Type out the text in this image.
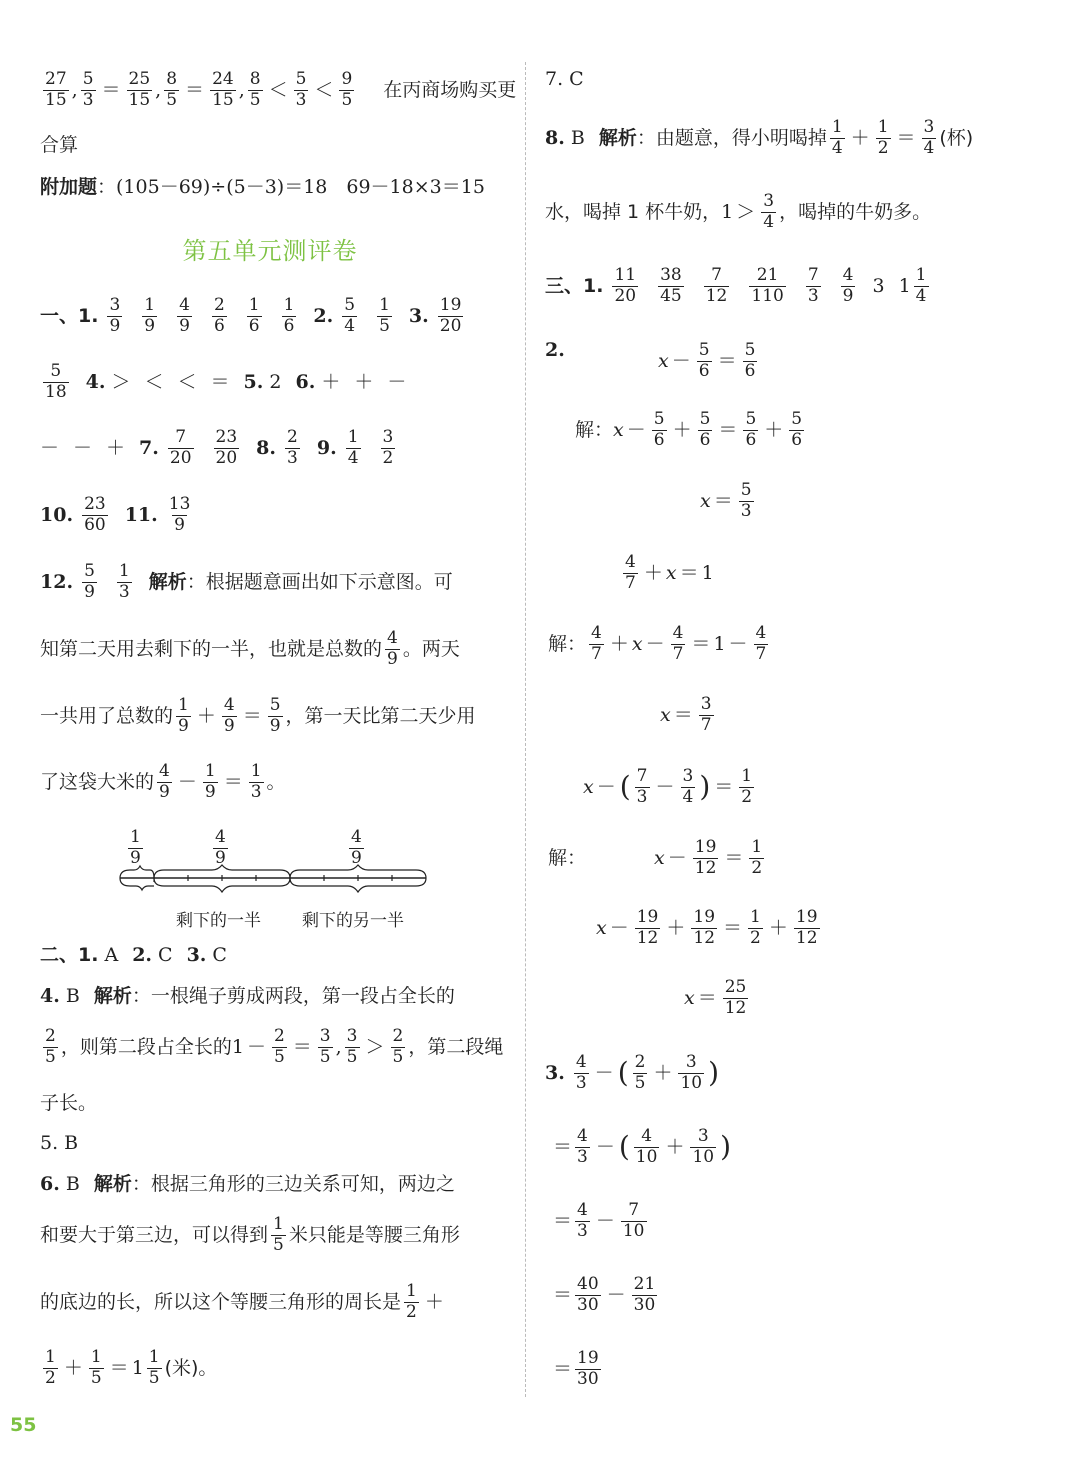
$\frac{27}{15}$ , $\frac{5}{3} = \frac{25}{15}$ , $\frac{8}{5} = \frac{24}{15}$ , $\frac{8}{5} < \frac{5}{3} < \frac{9}{5}$ 在丙商场购买更
合算
附加题 ：(105－69)÷(5－3)＝18　69－18×3＝15
第五单元测评卷
一、1. $\frac{3}{9} \frac{1}{9} \frac{4}{9} \frac{2}{6} \frac{1}{6} \frac{1}{6} 2$. $\frac{5}{4} \frac{1}{5} 3$. $\frac{19}{20}$
$\frac{5}{18} 4$. ＞ ＜ ＜ ＝ 5. 2 6. ＋ ＋ －
－ － ＋ 7. $\frac{7}{20} \frac{23}{20} 8$. $\frac{2}{3} 9$. $\frac{1}{4} \frac{3}{2}$
10. $\frac{23}{60} 11$. $\frac{13}{9}$
12. $\frac{5}{9} \frac{1}{3}$ 解析 ：根据题意画出如下示意图。可
知第二天用去剩下的一半，也就是总数的 $\frac{4}{9}$ 。两天
一共用了总数的 $\frac{1}{9} + \frac{4}{9} = \frac{5}{9}$ ，第一天比第二天少用
了这袋大米的 $\frac{4}{9} - \frac{1}{9} = \frac{1}{3}$ 。
$\frac{1}{9}$	$\frac{4}{9}$	$\frac{4}{9}$
剩下的一半 剩下的另一半
二、1. A 2. C 3. C
4. B 解析 ：一根绳子剪成两段，第一段占全长的
$\frac{2}{5}$ ，则第二段占全长的 $1 - \frac{2}{5} = \frac{3}{5}$ , $\frac{3}{5} > \frac{2}{5}$ ，第二段绳
子长。
5. B
6. B 解析 ：根据三角形的三边关系可知，两边之
和要大于第三边，可以得到 $\frac{1}{5}$ 米只能是等腰三角形
的底边的长，所以这个等腰三角形的周长是 $\frac{1}{2}$ ＋
$\frac{1}{2} + \frac{1}{5} = 1 \frac{1}{5}$ (米)。
55
7. C
8. B 解析 ：由题意，得小明喝掉 $\frac{1}{4} + \frac{1}{2} = \frac{3}{4}$ (杯)
水，喝掉 1 杯牛奶， $1 > \frac{3}{4}$ ，喝掉的牛奶多。
三、1. $\frac{11}{20} \frac{38}{45} \frac{7}{12} \frac{21}{110} \frac{7}{3} \frac{4}{9} 3$ $1 \frac{1}{4}$
2.	$x - \frac{5}{6} = \frac{5}{6}$
解： $x - \frac{5}{6} + \frac{5}{6} = \frac{5}{6} + \frac{5}{6}$
$x = \frac{5}{3}$
$\frac{4}{7} + x = 1$
解： $\frac{4}{7} + x - \frac{4}{7} = 1 - \frac{4}{7}$
$x = \frac{3}{7}$
x － ( $\frac{7}{3} - \frac{3}{4}$ ) ＝ $\frac{1}{2}$
解：	$x - \frac{19}{12} = \frac{1}{2}$
$x - \frac{19}{12} + \frac{19}{12} = \frac{1}{2} + \frac{19}{12}$
$x = \frac{25}{12}$
3. $\frac{4}{3}$ － ( $\frac{2}{5} + \frac{3}{10}$ )
＝ $\frac{4}{3}$ － ( $\frac{4}{10} + \frac{3}{10}$ )
＝ $\frac{4}{3} - \frac{7}{10}$
＝ $\frac{40}{30} - \frac{21}{30}$
＝ $\frac{19}{30}$
